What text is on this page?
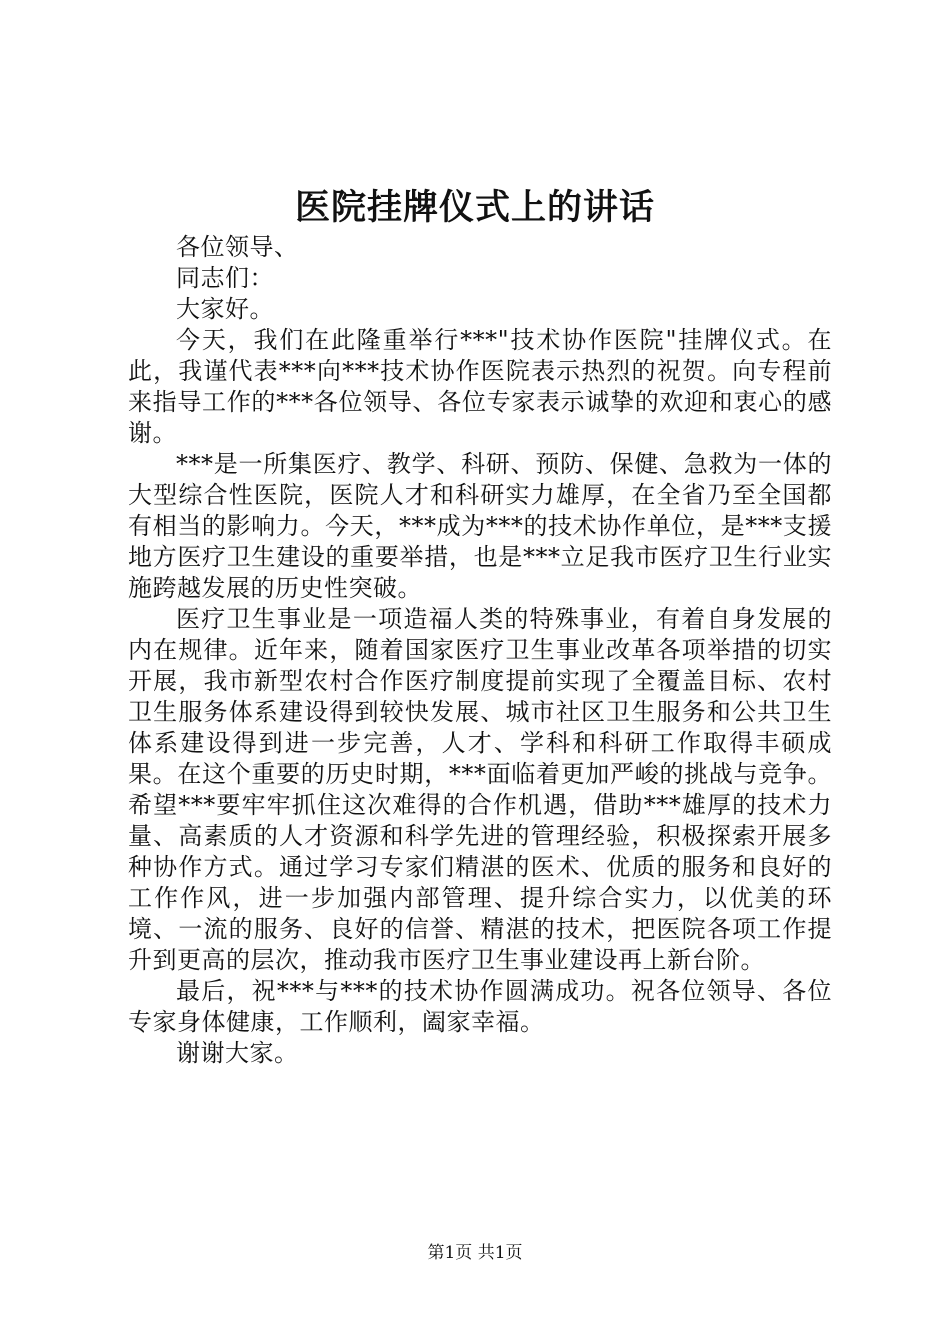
医院挂牌仪式上的讲话

各位领导、

同志们：

大家好。

今天，我们在此隆重举行***"技术协作医院"挂牌仪式。在此，我谨代表***向***技术协作医院表示热烈的祝贺。向专程前来指导工作的***各位领导、各位专家表示诚挚的欢迎和衷心的感谢。

***是一所集医疗、教学、科研、预防、保健、急救为一体的大型综合性医院，医院人才和科研实力雄厚，在全省乃至全国都有相当的影响力。今天，***成为***的技术协作单位，是***支援地方医疗卫生建设的重要举措，也是***立足我市医疗卫生行业实施跨越发展的历史性突破。

医疗卫生事业是一项造福人类的特殊事业，有着自身发展的内在规律。近年来，随着国家医疗卫生事业改革各项举措的切实开展，我市新型农村合作医疗制度提前实现了全覆盖目标、农村卫生服务体系建设得到较快发展、城市社区卫生服务和公共卫生体系建设得到进一步完善，人才、学科和科研工作取得丰硕成果。在这个重要的历史时期，***面临着更加严峻的挑战与竞争。希望***要牢牢抓住这次难得的合作机遇，借助***雄厚的技术力量、高素质的人才资源和科学先进的管理经验，积极探索开展多种协作方式。通过学习专家们精湛的医术、优质的服务和良好的工作作风，进一步加强内部管理、提升综合实力，以优美的环境、一流的服务、良好的信誉、精湛的技术，把医院各项工作提升到更高的层次，推动我市医疗卫生事业建设再上新台阶。

最后，祝***与***的技术协作圆满成功。祝各位领导、各位专家身体健康，工作顺利，阖家幸福。

谢谢大家。

第1页 共1页
